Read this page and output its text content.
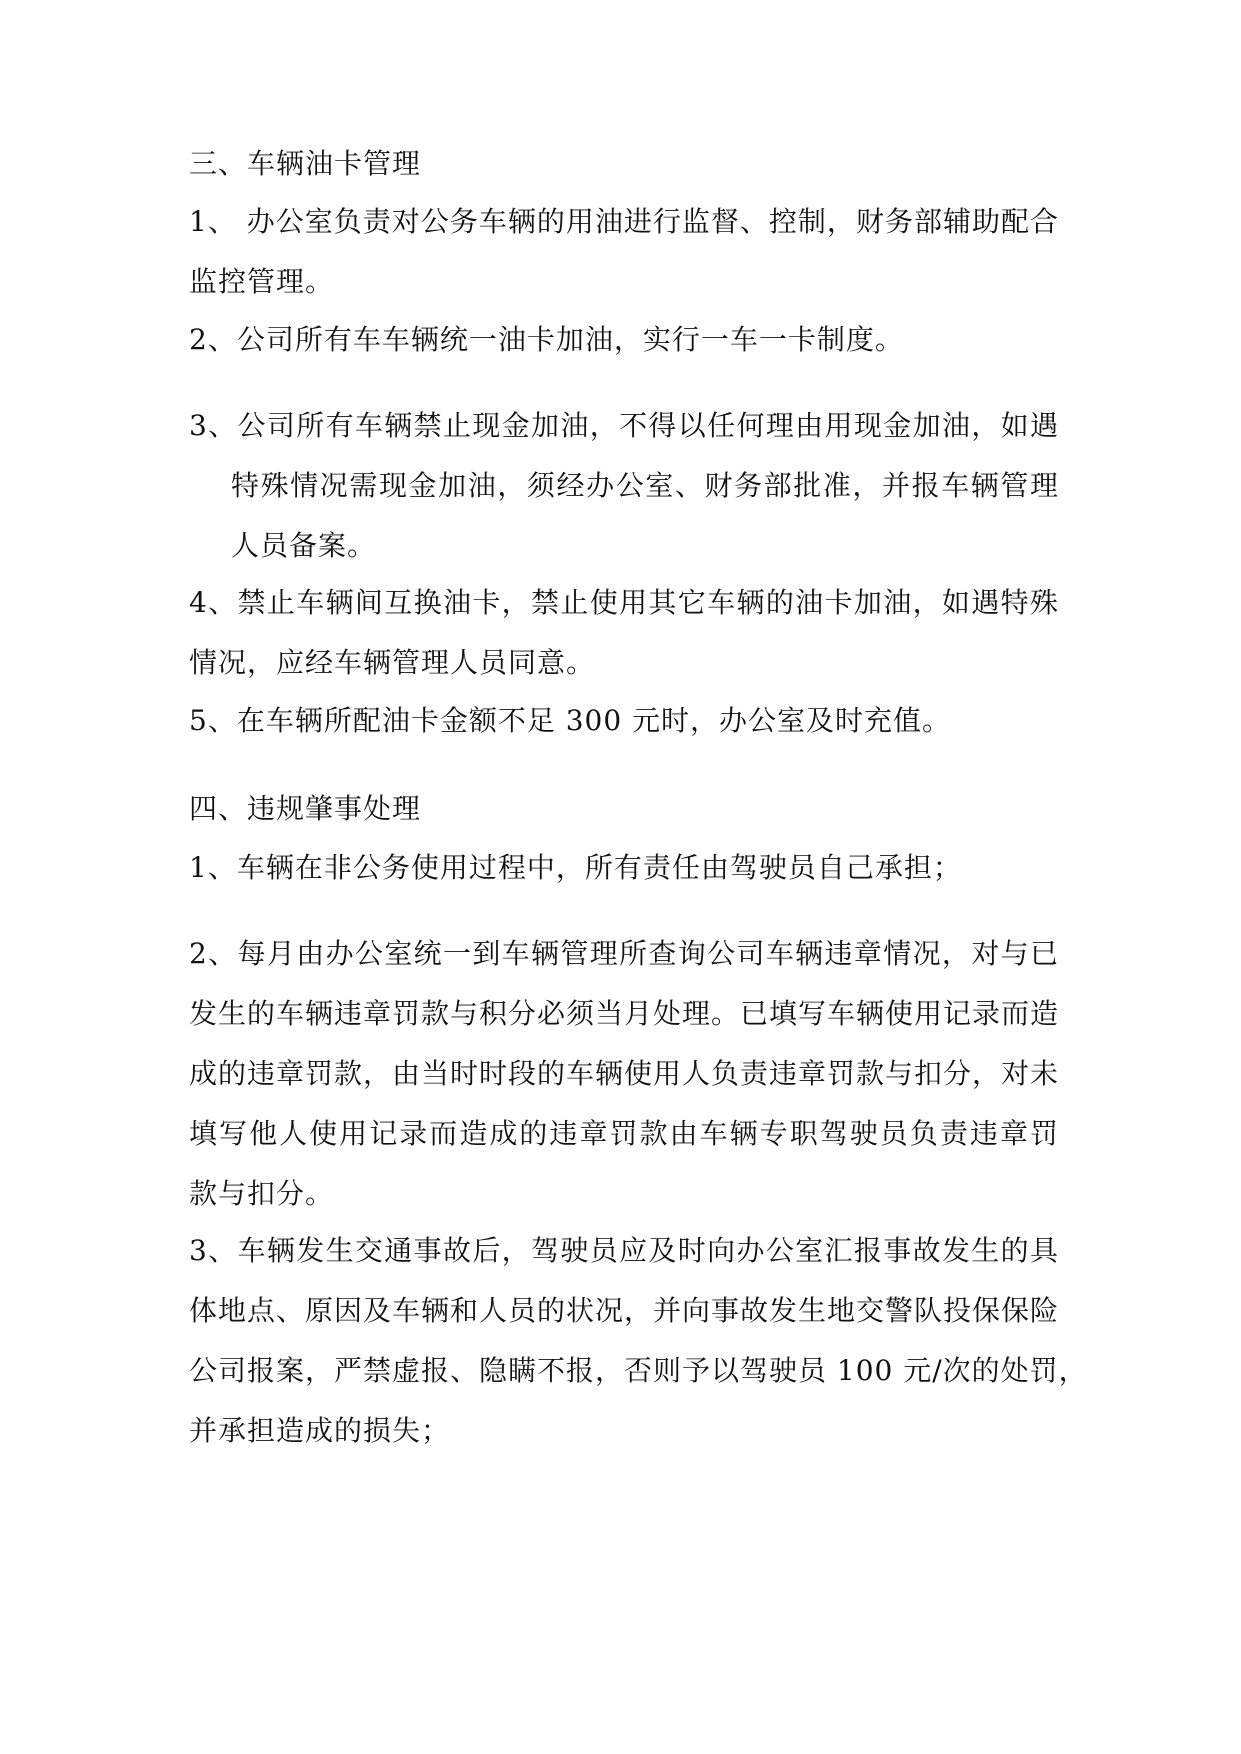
三、车辆油卡管理
1、 办公室负责对公务车辆的用油进行监督、控制，财务部辅助配合
监控管理。
2、公司所有车车辆统一油卡加油，实行一车一卡制度。
3、公司所有车辆禁止现金加油，不得以任何理由用现金加油，如遇
特殊情况需现金加油，须经办公室、财务部批准，并报车辆管理
人员备案。
4、禁止车辆间互换油卡，禁止使用其它车辆的油卡加油，如遇特殊
情况，应经车辆管理人员同意。
5、在车辆所配油卡金额不足 300 元时，办公室及时充值。
四、违规肇事处理
1、车辆在非公务使用过程中，所有责任由驾驶员自己承担；
2、每月由办公室统一到车辆管理所查询公司车辆违章情况，对与已
发生的车辆违章罚款与积分必须当月处理。已填写车辆使用记录而造
成的违章罚款，由当时时段的车辆使用人负责违章罚款与扣分，对未
填写他人使用记录而造成的违章罚款由车辆专职驾驶员负责违章罚
款与扣分。
3、车辆发生交通事故后，驾驶员应及时向办公室汇报事故发生的具
体地点、原因及车辆和人员的状况，并向事故发生地交警队投保保险
公司报案，严禁虚报、隐瞒不报，否则予以驾驶员 100 元/次的处罚，
并承担造成的损失；
